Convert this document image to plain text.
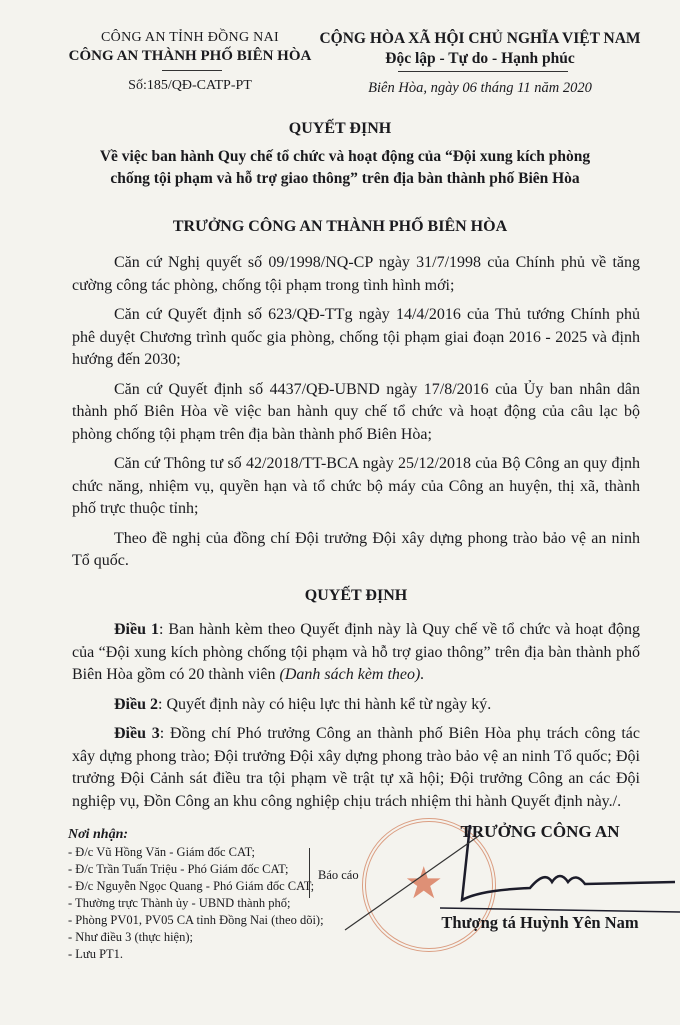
CÔNG AN TỈNH ĐỒNG NAI
CÔNG AN THÀNH PHỐ BIÊN HÒA
Số:185/QĐ-CATP-PT
CỘNG HÒA XÃ HỘI CHỦ NGHĨA VIỆT NAM
Độc lập - Tự do - Hạnh phúc
Biên Hòa, ngày 06 tháng 11 năm 2020
QUYẾT ĐỊNH
Về việc ban hành Quy chế tổ chức và hoạt động của “Đội xung kích phòng
chống tội phạm và hỗ trợ giao thông” trên địa bàn thành phố Biên Hòa
TRƯỞNG CÔNG AN THÀNH PHỐ BIÊN HÒA

Căn cứ Nghị quyết số 09/1998/NQ-CP ngày 31/7/1998 của Chính phủ về tăng cường công tác phòng, chống tội phạm trong tình hình mới;

Căn cứ Quyết định số 623/QĐ-TTg ngày 14/4/2016 của Thủ tướng Chính phủ phê duyệt Chương trình quốc gia phòng, chống tội phạm giai đoạn 2016 - 2025 và định hướng đến 2030;

Căn cứ Quyết định số 4437/QĐ-UBND ngày 17/8/2016 của Ủy ban nhân dân thành phố Biên Hòa về việc ban hành quy chế tổ chức và hoạt động của câu lạc bộ phòng chống tội phạm trên địa bàn thành phố Biên Hòa;

Căn cứ Thông tư số 42/2018/TT-BCA ngày 25/12/2018 của Bộ Công an quy định chức năng, nhiệm vụ, quyền hạn và tổ chức bộ máy của Công an huyện, thị xã, thành phố trực thuộc tỉnh;

Theo đề nghị của đồng chí Đội trưởng Đội xây dựng phong trào bảo vệ an ninh Tổ quốc.

QUYẾT ĐỊNH

Điều 1: Ban hành kèm theo Quyết định này là Quy chế về tổ chức và hoạt động của “Đội xung kích phòng chống tội phạm và hỗ trợ giao thông” trên địa bàn thành phố Biên Hòa gồm có 20 thành viên (Danh sách kèm theo).

Điều 2: Quyết định này có hiệu lực thi hành kể từ ngày ký.

Điều 3: Đồng chí Phó trưởng Công an thành phố Biên Hòa phụ trách công tác xây dựng phong trào; Đội trưởng Đội xây dựng phong trào bảo vệ an ninh Tổ quốc; Đội trưởng Đội Cảnh sát điều tra tội phạm về trật tự xã hội; Đội trưởng Công an các Đội nghiệp vụ, Đồn Công an khu công nghiệp chịu trách nhiệm thi hành Quyết định này./.

Nơi nhận:
- Đ/c Vũ Hồng Văn - Giám đốc CAT;
- Đ/c Trần Tuấn Triệu - Phó Giám đốc CAT;
- Đ/c Nguyễn Ngọc Quang - Phó Giám đốc CAT;
- Thường trực Thành ủy - UBND thành phố;
- Phòng PV01, PV05 CA tỉnh Đồng Nai (theo dõi);
- Như điều 3 (thực hiện);
- Lưu PT1.
Báo cáo ★
TRƯỞNG CÔNG AN
Thượng tá Huỳnh Yên Nam
